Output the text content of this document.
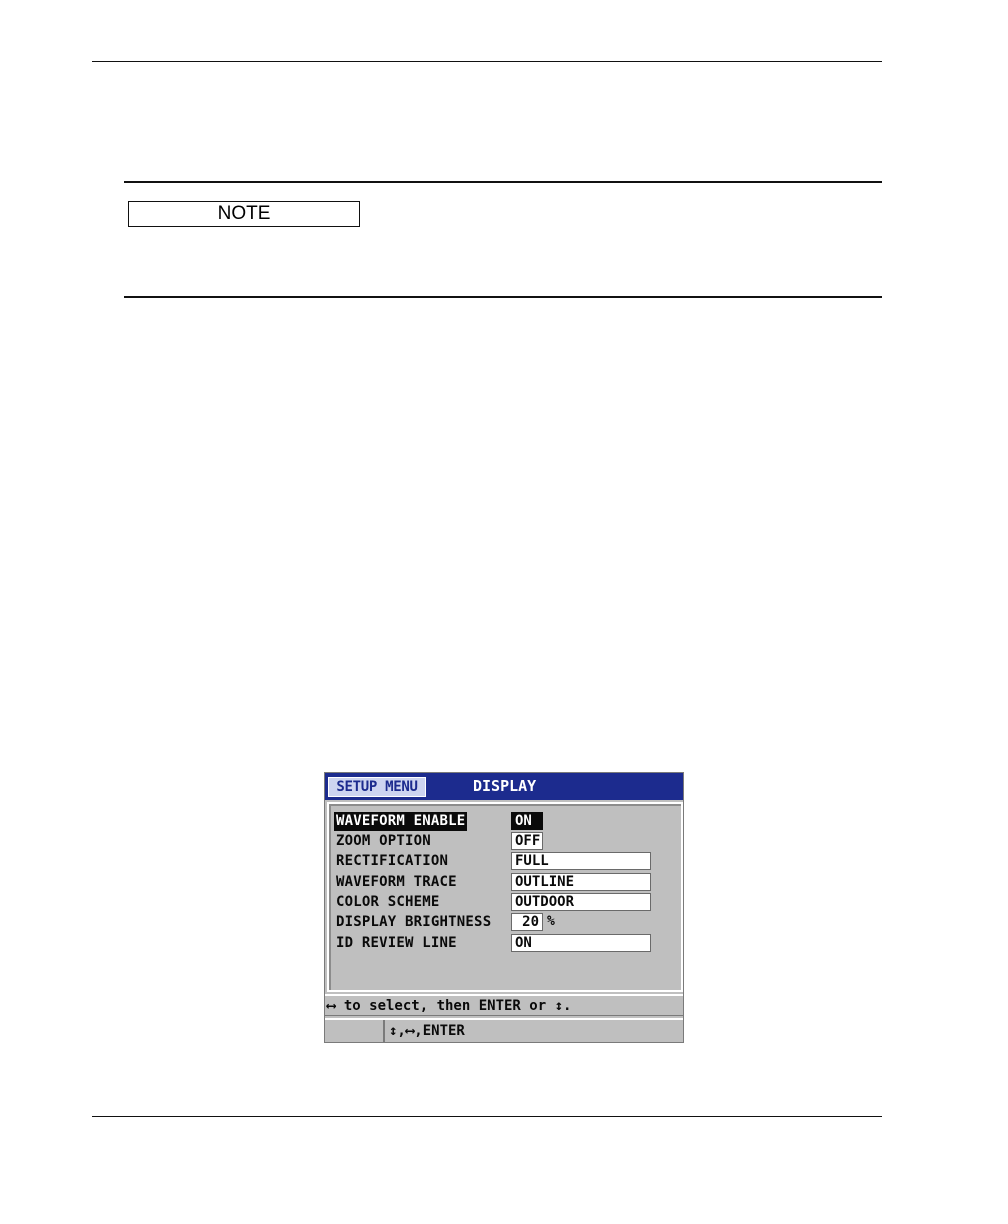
NOTE
SETUP MENU	DISPLAY
WAVEFORM ENABLE	ON
ZOOM OPTION	OFF
RECTIFICATION	FULL
WAVEFORM TRACE	OUTLINE
COLOR SCHEME	OUTDOOR
DISPLAY BRIGHTNESS	20 %
ID REVIEW LINE	ON
⟷ to select, then ENTER or ↕.
↕,⟷,ENTER
